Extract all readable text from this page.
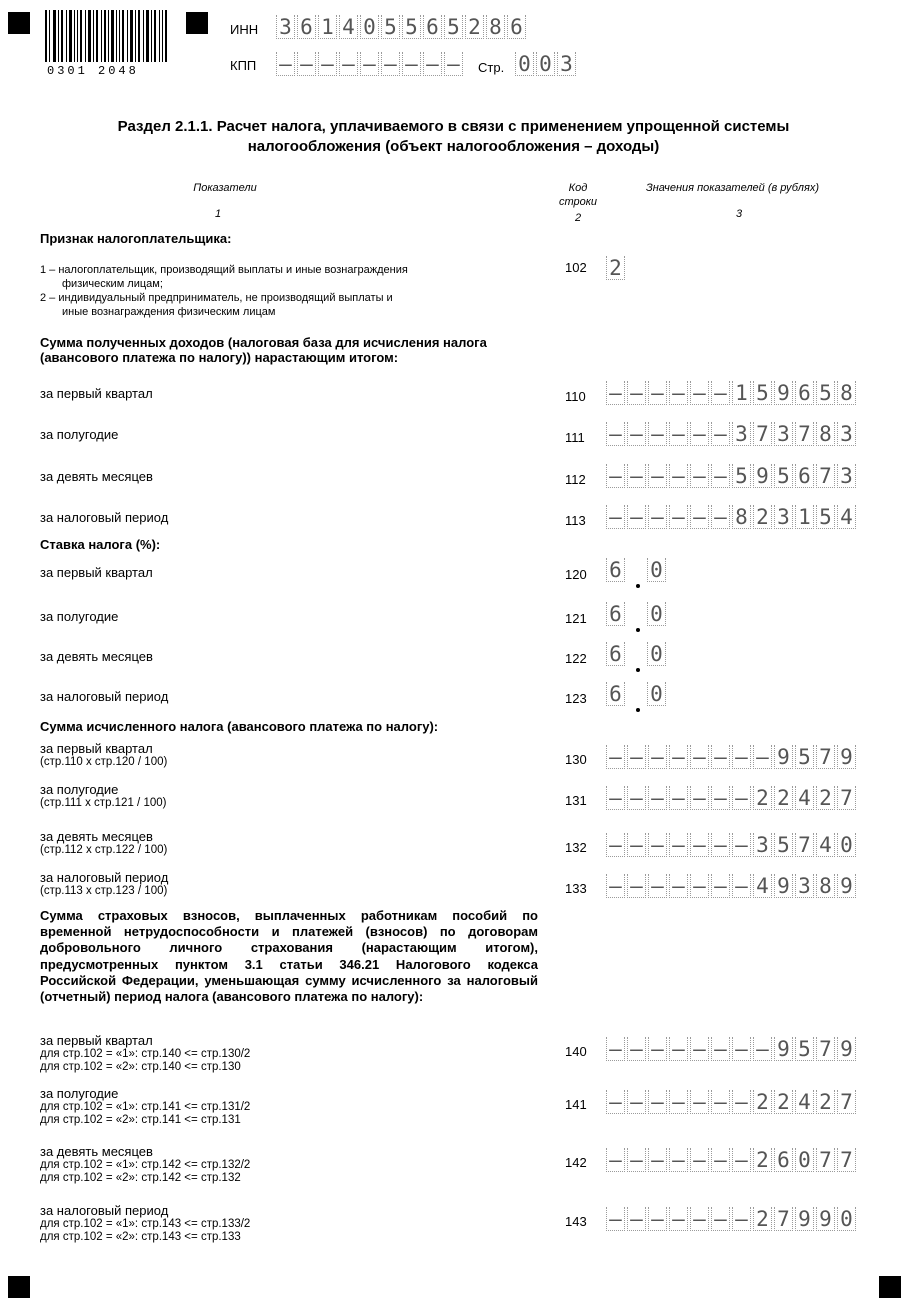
0301 2048
ИНН 3 6 1 4 0 5 5 6 5 2 8 6
КПП – – – – – – – – – Стр. 0 0 3
Раздел 2.1.1. Расчет налога, уплачиваемого в связи с применением упрощенной системы
налогообложения (объект налогообложения – доходы)
Показатели
1
Код
строки
2
Значения показателей (в рублях)
3
Признак налогоплательщика:
1 – налогоплательщик, производящий выплаты и иные вознаграждения
физическим лицам;
2 – индивидуальный предприниматель, не производящий выплаты и
иные вознаграждения физическим лицам
102 2
Сумма полученных доходов (налоговая база для исчисления налога
(авансового платежа по налогу)) нарастающим итогом:
Ставка налога (%):
Сумма исчисленного налога (авансового платежа по налогу):
Сумма страховых взносов, выплаченных работникам пособий по временной нетрудоспособности и платежей (взносов) по договорам добровольного личного страхования (нарастающим итогом), предусмотренных пунктом 3.1 статьи 346.21 Налогового кодекса Российской Федерации, уменьшающая сумму исчисленного за налоговый (отчетный) период налога (авансового платежа по налогу):
за первый квартал	110 – – – – – – 1 5 9 6 5 8
за полугодие	111 – – – – – – 3 7 3 7 8 3
за девять месяцев	112 – – – – – – 5 9 5 6 7 3
за налоговый период	113 – – – – – – 8 2 3 1 5 4
за первый квартал	120 6 0
за полугодие	121 6 0
за девять месяцев	122 6 0
за налоговый период	123 6 0
за первый квартал
(стр.110 х стр.120 / 100)	130 – – – – – – – – 9 5 7 9
за полугодие
(стр.111 х стр.121 / 100)	131 – – – – – – – 2 2 4 2 7
за девять месяцев
(стр.112 х стр.122 / 100)	132 – – – – – – – 3 5 7 4 0
за налоговый период
(стр.113 х стр.123 / 100)	133 – – – – – – – 4 9 3 8 9
за первый квартал
для стр.102 = «1»: стр.140 <= стр.130/2
для стр.102 = «2»: стр.140 <= стр.130
140 – – – – – – – – 9 5 7 9
за полугодие
для стр.102 = «1»: стр.141 <= стр.131/2
для стр.102 = «2»: стр.141 <= стр.131
141 – – – – – – – 2 2 4 2 7
за девять месяцев
для стр.102 = «1»: стр.142 <= стр.132/2
для стр.102 = «2»: стр.142 <= стр.132
142 – – – – – – – 2 6 0 7 7
за налоговый период
для стр.102 = «1»: стр.143 <= стр.133/2
для стр.102 = «2»: стр.143 <= стр.133
143 – – – – – – – 2 7 9 9 0
